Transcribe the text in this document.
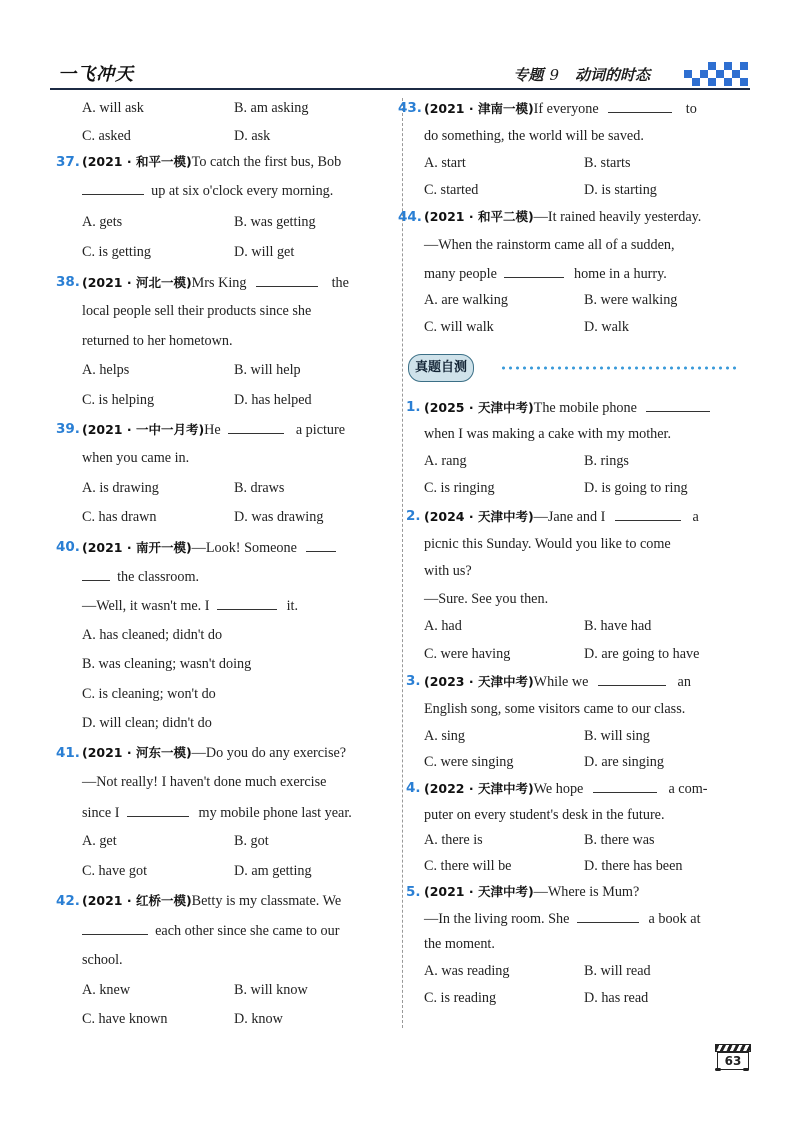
一飞冲天	专题 9 动词的时态
A. will ask	B. am asking
C. asked	D. ask
37. (2021 · 和平一模)To catch the first bus, Bob
up at six o'clock every morning.
A. gets	B. was getting
C. is getting	D. will get
38. (2021 · 河北一模)Mrs King	the
local people sell their products since she
returned to her hometown.
A. helps	B. will help
C. is helping	D. has helped
39. (2021 · 一中一月考)He	a picture
when you came in.
A. is drawing	B. draws
C. has drawn	D. was drawing
40. (2021 · 南开一模)—Look! Someone
the classroom.
—Well, it wasn't me. I	it.
A. has cleaned; didn't do
B. was cleaning; wasn't doing
C. is cleaning; won't do
D. will clean; didn't do
41. (2021 · 河东一模)—Do you do any exercise?
—Not really! I haven't done much exercise
since I	my mobile phone last year.
A. get	B. got
C. have got	D. am getting
42. (2021 · 红桥一模)Betty is my classmate. We
each other since she came to our
school.
A. knew	B. will know
C. have known	D. know
43. (2021 · 津南一模)If everyone	to
do something, the world will be saved.
A. start	B. starts
C. started	D. is starting
44. (2021 · 和平二模)—It rained heavily yesterday.
—When the rainstorm came all of a sudden,
many people	home in a hurry.
A. are walking	B. were walking
C. will walk	D. walk
1. (2025 · 天津中考)The mobile phone
when I was making a cake with my mother.
A. rang	B. rings
C. is ringing	D. is going to ring
2. (2024 · 天津中考)—Jane and I	a
picnic this Sunday. Would you like to come
with us?
—Sure. See you then.
A. had	B. have had
C. were having	D. are going to have
3. (2023 · 天津中考)While we	an
English song, some visitors came to our class.
A. sing	B. will sing
C. were singing	D. are singing
4. (2022 · 天津中考)We hope	a com-
puter on every student's desk in the future.
A. there is	B. there was
C. there will be	D. there has been
5. (2021 · 天津中考)—Where is Mum?
—In the living room. She	a book at
the moment.
A. was reading	B. will read
C. is reading	D. has read
真题自测
63
